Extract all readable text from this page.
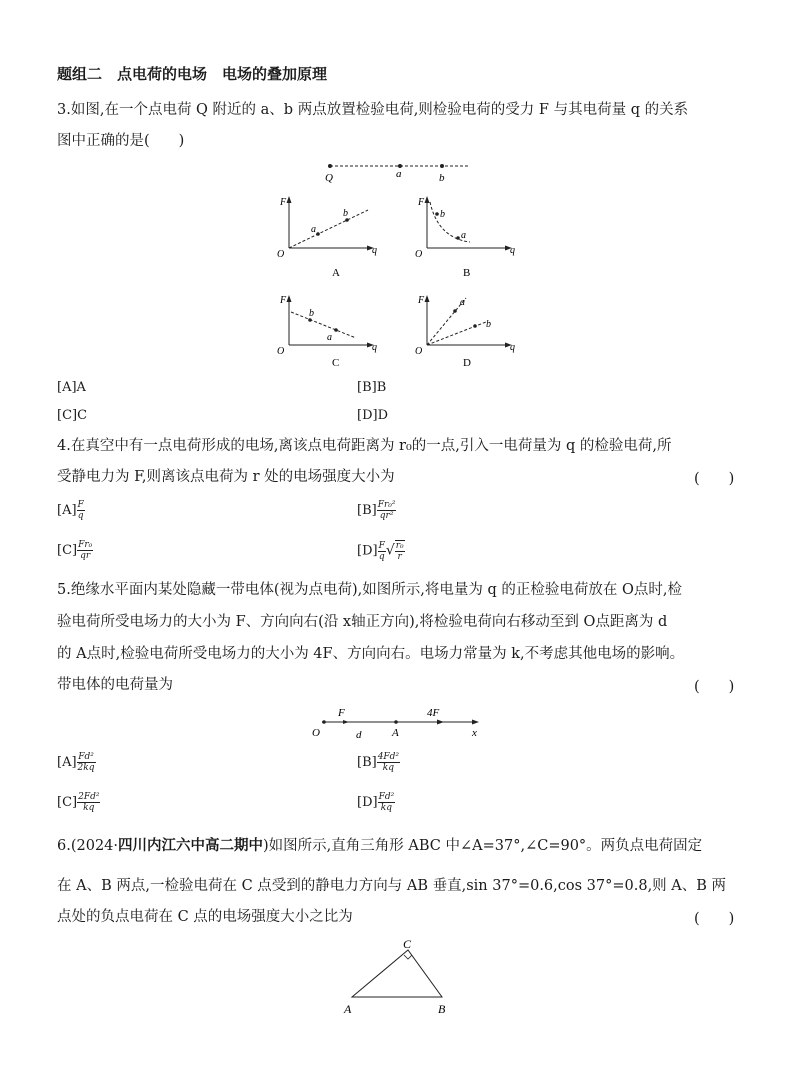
题组二　点电荷的电场　电场的叠加原理
3.如图,在一个点电荷 Q 附近的 a、b 两点放置检验电荷,则检验电荷的受力 F 与其电荷量 q 的关系
图中正确的是(　　)
Q	a	b
a
b
F
O	q
A
b
a
F
O	q
B
b
a
F
O	q
C
a
b
F
O	q
D
O
F
d	A
4F
x
C
A	B
[A]A	[B]B
[C]C	[D]D
4.在真空中有一点电荷形成的电场,离该点电荷距离为 r₀的一点,引入一电荷量为 q 的检验电荷,所
受静电力为 F,则离该点电荷为 r 处的电场强度大小为	(　　)
$[A] \frac{F}{q}$	$[B] \frac{\text{Fr₀²}}{\text{qr²}}$
$[C] \frac{\text{Fr₀}}{qr}$	$[D] \frac{F}{q}$ √ $\frac{\text{r₀}}{r}$
5.绝缘水平面内某处隐藏一带电体(视为点电荷),如图所示,将电量为 q 的正检验电荷放在 O点时,检
验电荷所受电场力的大小为 F、方向向右(沿 x轴正方向),将检验电荷向右移动至到 O点距离为 d
的 A点时,检验电荷所受电场力的大小为 4F、方向向右。电场力常量为 k,不考虑其他电场的影响。
带电体的电荷量为	(　　)
$[A] \frac{\text{Fd²}}{2kq}$	$[B] \frac{\text{4Fd²}}{kq}$
$[C] \frac{\text{2Fd²}}{kq}$	$[D] \frac{\text{Fd²}}{kq}$
6.(2024·四川内江六中高二期中)如图所示,直角三角形 ABC 中∠A=37°,∠C=90°。两负点电荷固定
在 A、B 两点,一检验电荷在 C 点受到的静电力方向与 AB 垂直,sin 37°=0.6,cos 37°=0.8,则 A、B 两
点处的负点电荷在 C 点的电场强度大小之比为	(　　)
